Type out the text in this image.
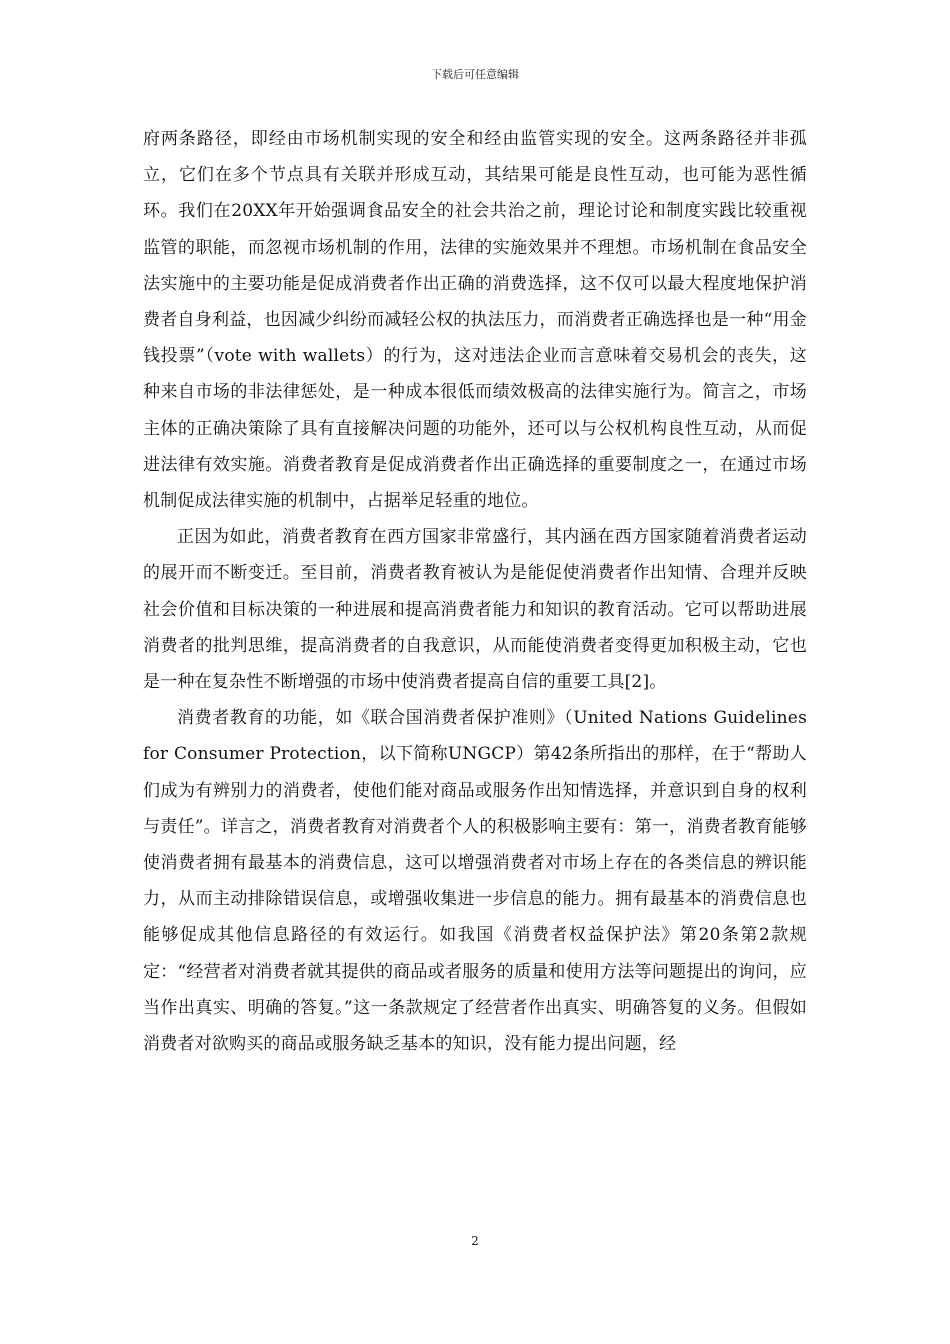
下载后可任意编辑

府两条路径，即经由市场机制实现的安全和经由监管实现的安全。这两条路径并非孤立，它们在多个节点具有关联并形成互动，其结果可能是良性互动，也可能为恶性循环。我们在20XX年开始强调食品安全的社会共治之前，理论讨论和制度实践比较重视监管的职能，而忽视市场机制的作用，法律的实施效果并不理想。市场机制在食品安全法实施中的主要功能是促成消费者作出正确的消费选择，这不仅可以最大程度地保护消费者自身利益，也因减少纠纷而减轻公权的执法压力，而消费者正确选择也是一种“用金钱投票”（vote with wallets）的行为，这对违法企业而言意味着交易机会的丧失，这种来自市场的非法律惩处，是一种成本很低而绩效极高的法律实施行为。简言之，市场主体的正确决策除了具有直接解决问题的功能外，还可以与公权机构良性互动，从而促进法律有效实施。消费者教育是促成消费者作出正确选择的重要制度之一，在通过市场机制促成法律实施的机制中，占据举足轻重的地位。

正因为如此，消费者教育在西方国家非常盛行，其内涵在西方国家随着消费者运动的展开而不断变迁。至目前，消费者教育被认为是能促使消费者作出知情、合理并反映社会价值和目标决策的一种进展和提高消费者能力和知识的教育活动。它可以帮助进展消费者的批判思维，提高消费者的自我意识，从而能使消费者变得更加积极主动，它也是一种在复杂性不断增强的市场中使消费者提高自信的重要工具[2]。

消费者教育的功能，如《联合国消费者保护准则》（United Nations Guidelines for Consumer Protection，以下简称UNGCP）第42条所指出的那样，在于“帮助人们成为有辨别力的消费者，使他们能对商品或服务作出知情选择，并意识到自身的权利与责任”。详言之，消费者教育对消费者个人的积极影响主要有：第一，消费者教育能够使消费者拥有最基本的消费信息，这可以增强消费者对市场上存在的各类信息的辨识能力，从而主动排除错误信息，或增强收集进一步信息的能力。拥有最基本的消费信息也能够促成其他信息路径的有效运行。如我国《消费者权益保护法》第20条第2款规定：“经营者对消费者就其提供的商品或者服务的质量和使用方法等问题提出的询问，应当作出真实、明确的答复。”这一条款规定了经营者作出真实、明确答复的义务。但假如消费者对欲购买的商品或服务缺乏基本的知识，没有能力提出问题，经

2
